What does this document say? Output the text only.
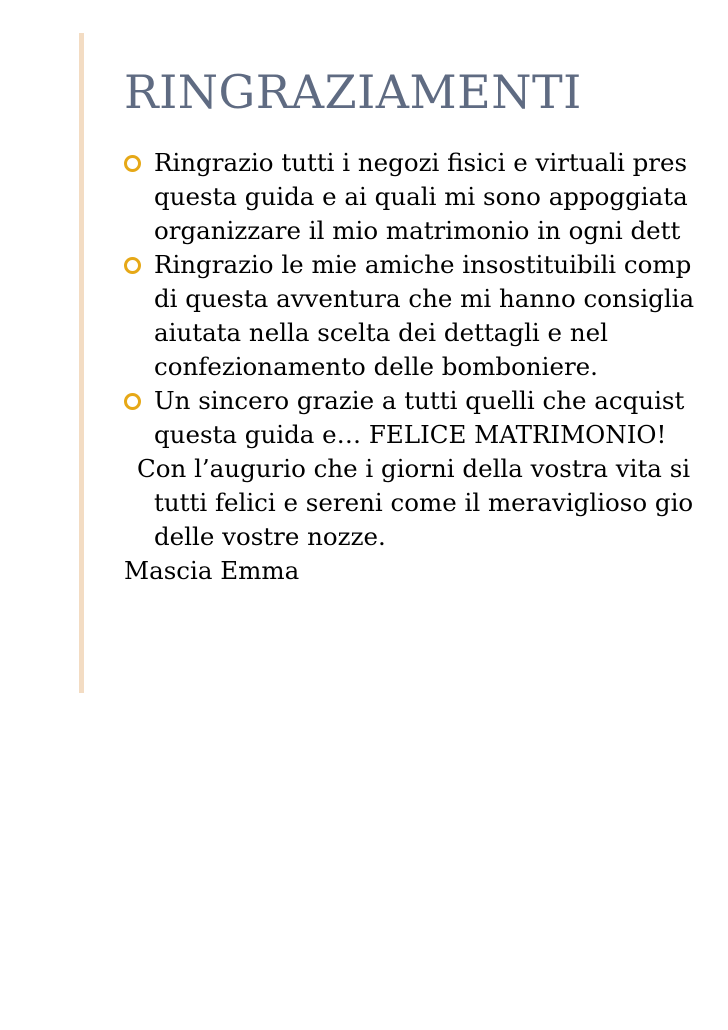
RINGRAZIAMENTI
Ringrazio tutti i negozi fisici e virtuali pres
questa guida e ai quali mi sono appoggiata
organizzare il mio matrimonio in ogni dett
Ringrazio le mie amiche insostituibili comp
di questa avventura che mi hanno consiglia
aiutata nella scelta dei dettagli e nel
confezionamento delle bomboniere.
Un sincero grazie a tutti quelli che acquist
questa guida e… FELICE MATRIMONIO!
Con l’augurio che i giorni della vostra vita si
tutti felici e sereni come il meraviglioso gio
delle vostre nozze.
Mascia Emma
